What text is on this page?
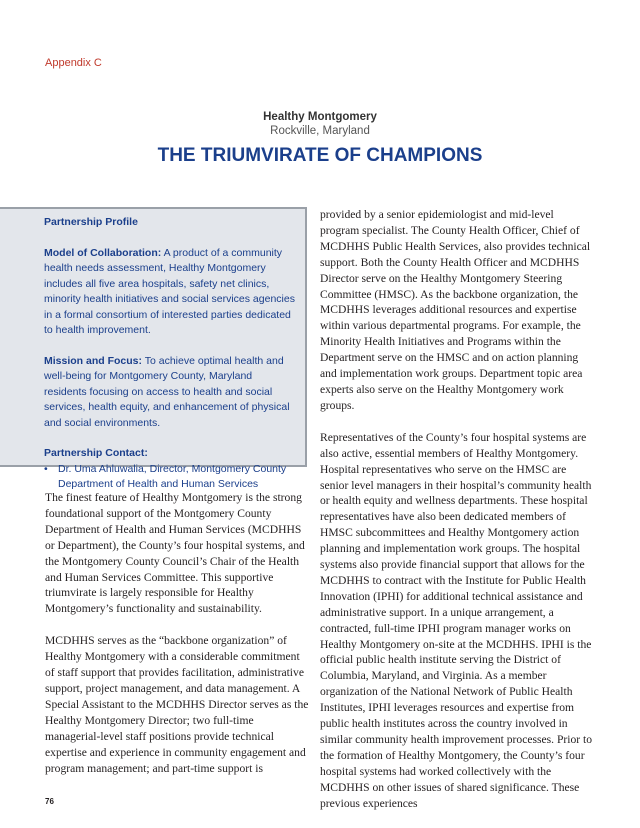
Appendix C
Healthy Montgomery
Rockville, Maryland
THE TRIUMVIRATE OF CHAMPIONS

Partnership Profile

Model of Collaboration: A product of a community health needs assessment, Healthy Montgomery includes all five area hospitals, safety net clinics, minority health initiatives and social services agencies in a formal consortium of interested parties dedicated to health improvement.

Mission and Focus: To achieve optimal health and well-being for Montgomery County, Maryland residents focusing on access to health and social services, health equity, and enhancement of physical and social environments.

Partnership Contact:

• Dr. Uma Ahluwalia, Director, Montgomery County Department of Health and Human Services

The finest feature of Healthy Montgomery is the strong foundational support of the Montgomery County Department of Health and Human Services (MCDHHS or Department), the County’s four hospital systems, and the Montgomery County Council’s Chair of the Health and Human Services Committee. This supportive triumvirate is largely responsible for Healthy Montgomery’s functionality and sustainability.

MCDHHS serves as the “backbone organization” of Healthy Montgomery with a considerable commitment of staff support that provides facilitation, administrative support, project management, and data management. A Special Assistant to the MCDHHS Director serves as the Healthy Montgomery Director; two full-time managerial-level staff positions provide technical expertise and experience in community engagement and program management; and part-time support is

provided by a senior epidemiologist and mid-level program specialist. The County Health Officer, Chief of MCDHHS Public Health Services, also provides technical support. Both the County Health Officer and MCDHHS Director serve on the Healthy Montgomery Steering Committee (HMSC). As the backbone organization, the MCDHHS leverages additional resources and expertise within various departmental programs. For example, the Minority Health Initiatives and Programs within the Department serve on the HMSC and on action planning and implementation work groups. Department topic area experts also serve on the Healthy Montgomery work groups.

Representatives of the County’s four hospital systems are also active, essential members of Healthy Montgomery. Hospital representatives who serve on the HMSC are senior level managers in their hospital’s community health or health equity and wellness departments. These hospital representatives have also been dedicated members of HMSC subcommittees and Healthy Montgomery action planning and implementation work groups. The hospital systems also provide financial support that allows for the MCDHHS to contract with the Institute for Public Health Innovation (IPHI) for additional technical assistance and administrative support. In a unique arrangement, a contracted, full-time IPHI program manager works on Healthy Montgomery on-site at the MCDHHS. IPHI is the official public health institute serving the District of Columbia, Maryland, and Virginia. As a member organization of the National Network of Public Health Institutes, IPHI leverages resources and expertise from public health institutes across the country involved in similar community health improvement processes. Prior to the formation of Healthy Montgomery, the County’s four hospital systems had worked collectively with the MCDHHS on other issues of shared significance. These previous experiences

76
